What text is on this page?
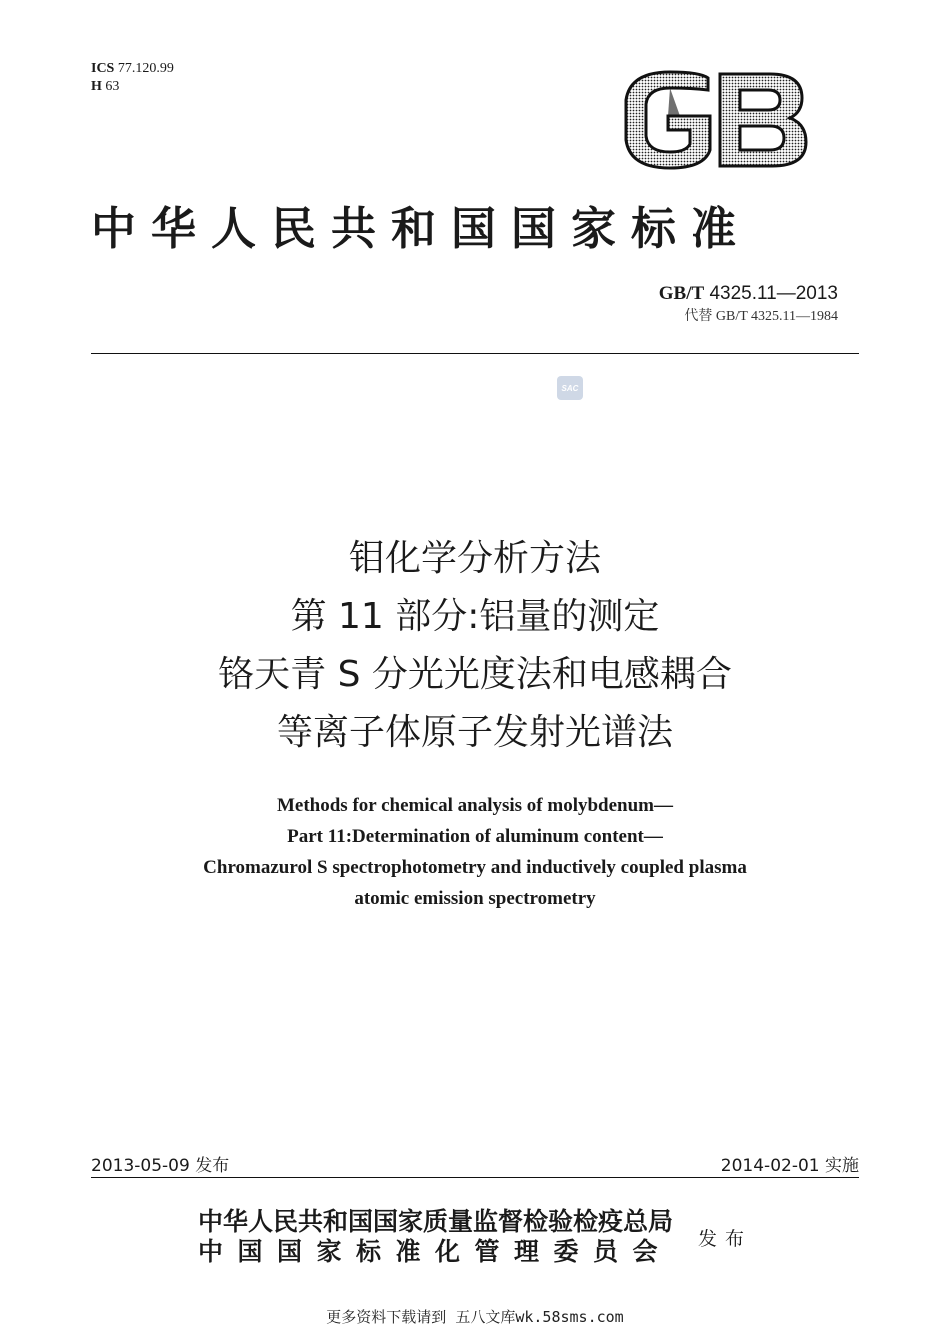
ICS 77.120.99
H 63
中华人民共和国国家标准
GB/T 4325.11—2013
代替 GB/T 4325.11—1984
SAC
钼化学分析方法
第 11 部分:铝量的测定
铬天青 S 分光光度法和电感耦合
等离子体原子发射光谱法
Methods for chemical analysis of molybdenum—
Part 11:Determination of aluminum content—
Chromazurol S spectrophotometry and inductively coupled plasma
atomic emission spectrometry
2013-05-09 发布	2014-02-01 实施
中华人民共和国国家质量监督检验检疫总局
中国国家标准化管理委员会 发布
更多资料下载请到 五八文库wk.58sms.com
